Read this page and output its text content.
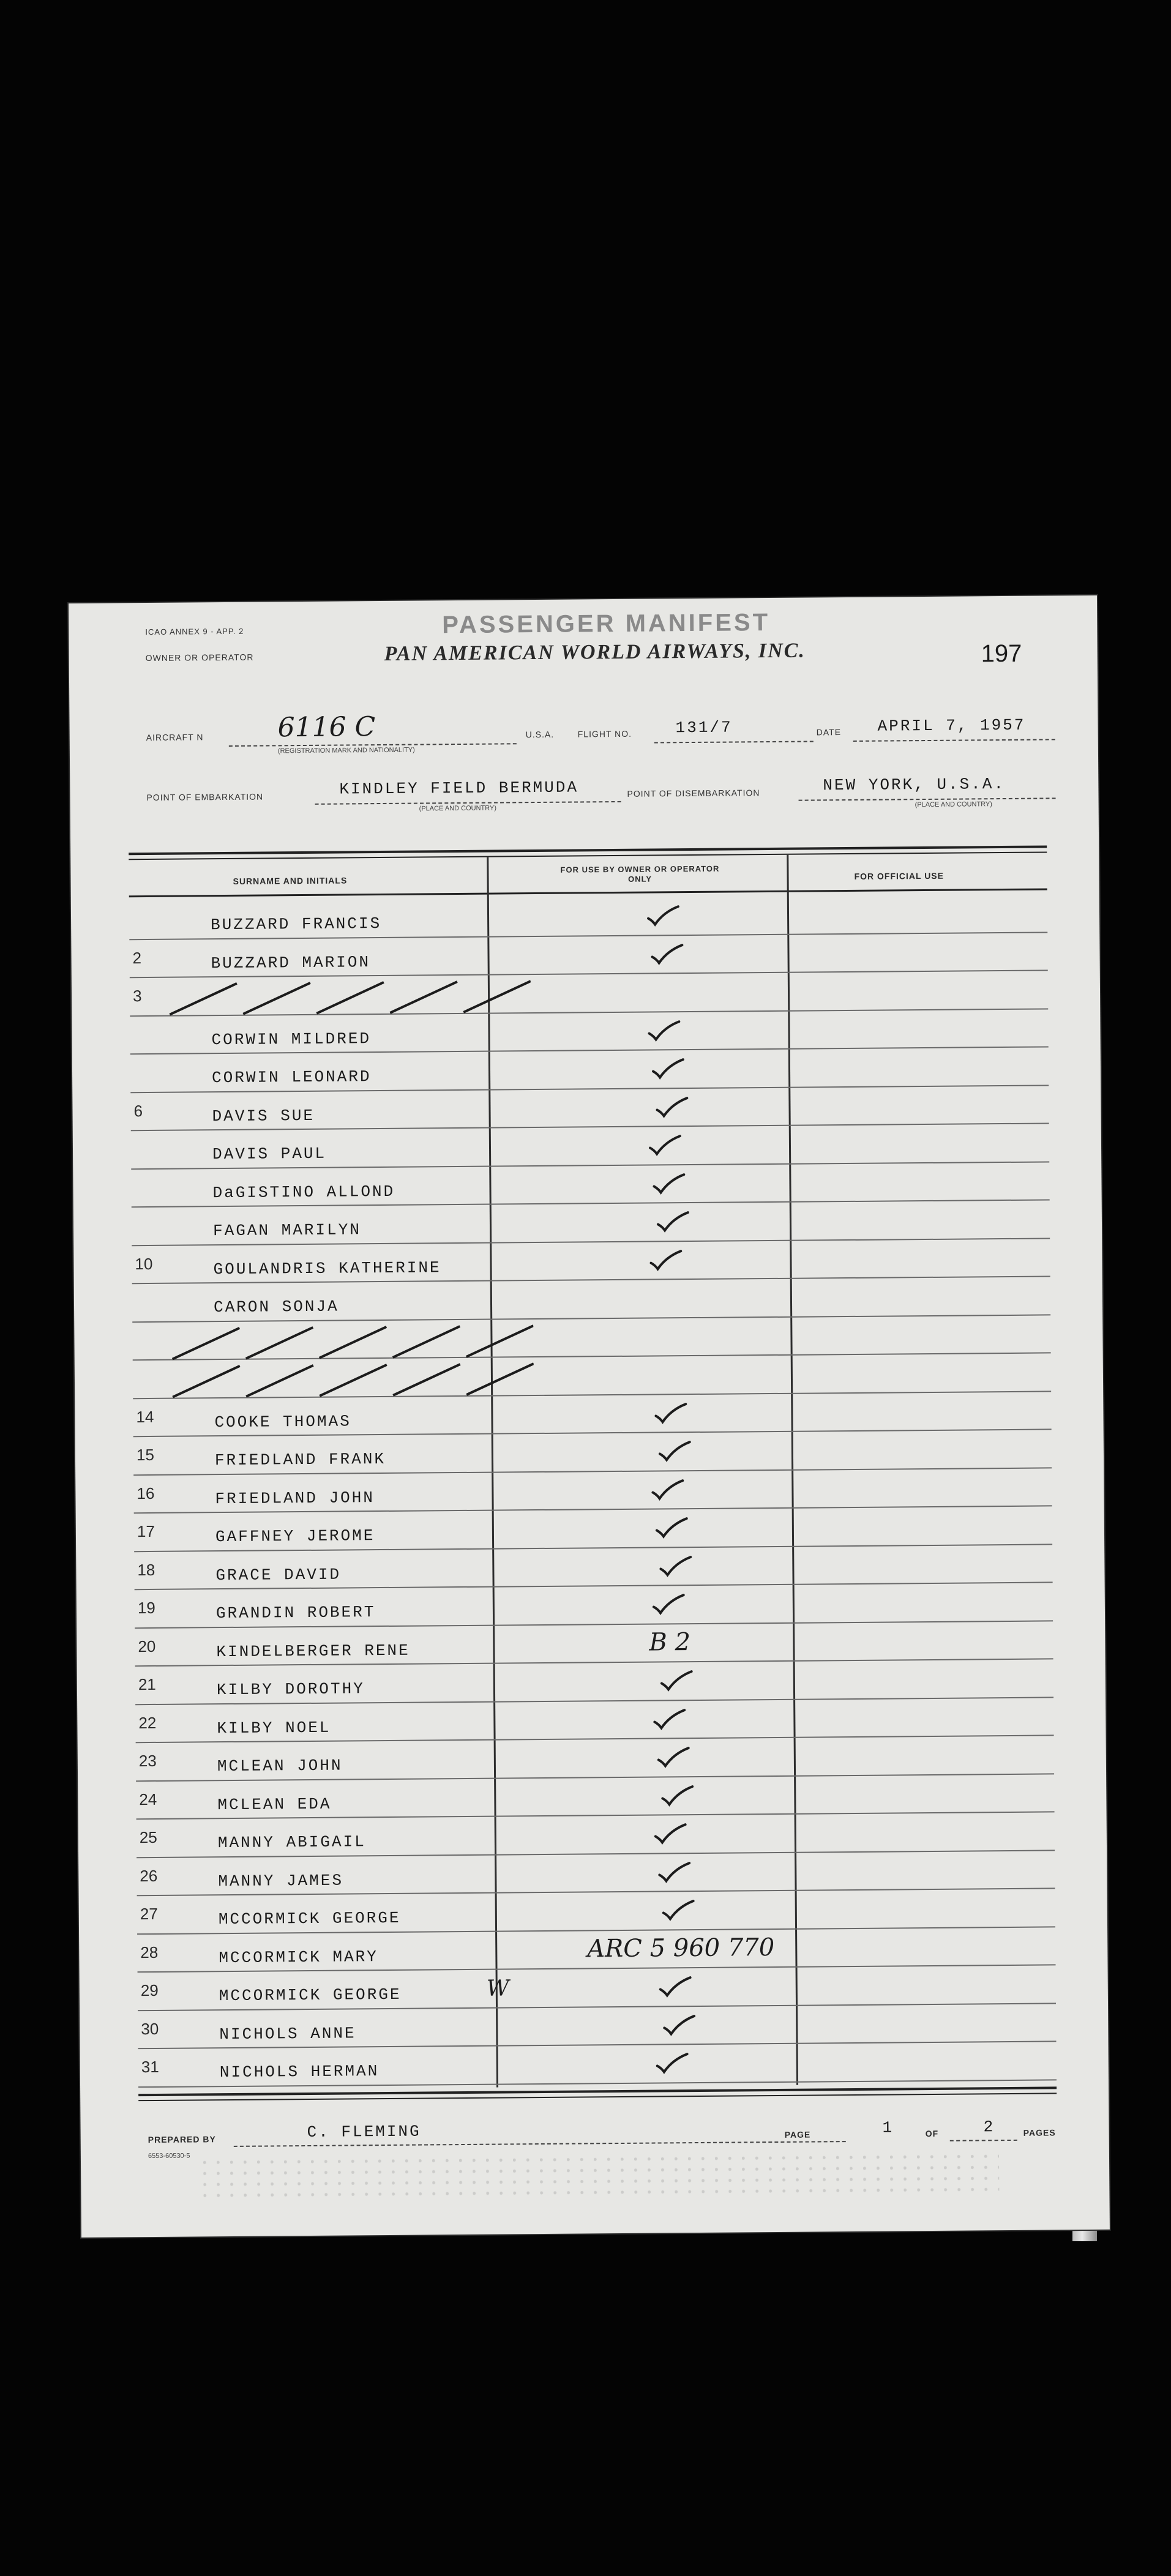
ICAO ANNEX 9 - APP. 2	PASSENGER MANIFEST
OWNER OR OPERATOR	PAN AMERICAN WORLD AIRWAYS, INC.	197
AIRCRAFT N	6116 C
(REGISTRATION MARK AND NATIONALITY)
U.S.A.	FLIGHT NO.	131/7	DATE APRIL 7, 1957
POINT OF EMBARKATION	KINDLEY FIELD BERMUDA
(PLACE AND COUNTRY)
POINT OF DISEMBARKATION	NEW YORK, U.S.A.
(PLACE AND COUNTRY)
SURNAME AND INITIALS
FOR USE BY OWNER OR OPERATOR ONLY	FOR OFFICIAL USE
BUZZARD FRANCIS
2	BUZZARD MARION
3
CORWIN MILDRED
CORWIN LEONARD
6	DAVIS SUE
DAVIS PAUL
DaGISTINO ALLOND
FAGAN MARILYN
10	GOULANDRIS KATHERINE
CARON SONJA
14	COOKE THOMAS
15	FRIEDLAND FRANK
16	FRIEDLAND JOHN
17	GAFFNEY JEROME
18	GRACE DAVID
19	GRANDIN ROBERT
20	KINDELBERGER RENE	B 2
21	KILBY DOROTHY
22	KILBY NOEL
23	MCLEAN JOHN
24	MCLEAN EDA
25	MANNY ABIGAIL
26	MANNY JAMES
27	MCCORMICK GEORGE
28	MCCORMICK MARY	ARC 5 960 770
29	MCCORMICK GEORGE	W
30	NICHOLS ANNE
31	NICHOLS HERMAN
PREPARED BY	C. FLEMING	PAGE	1	OF	2	PAGES
6553-60530-5
